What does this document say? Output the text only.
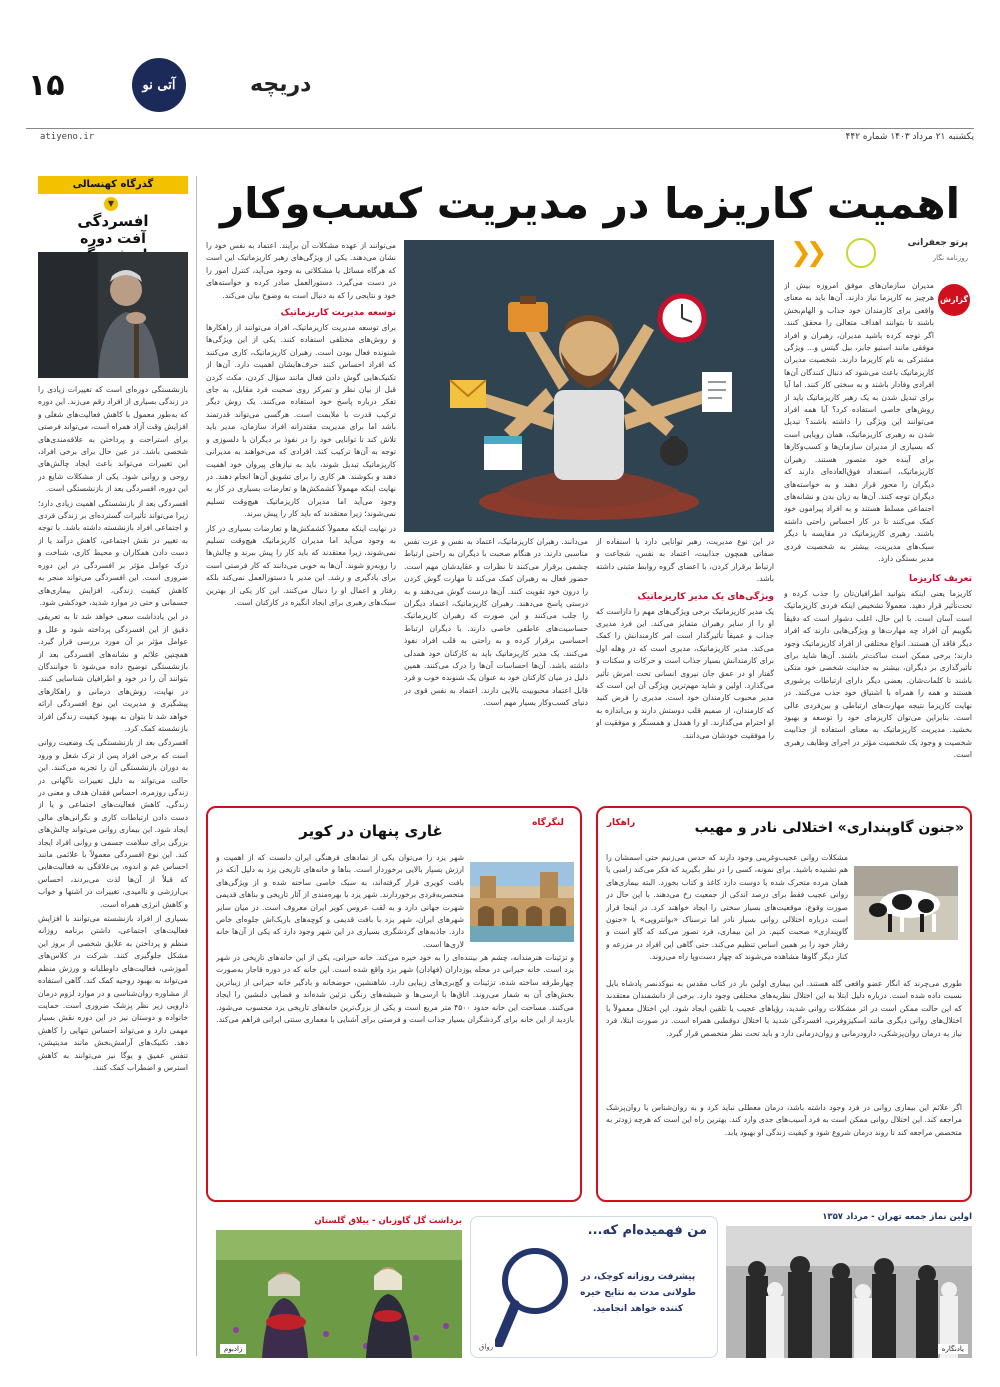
۱۵	دریچه
آتی نو
atiyeno.ir	یکشنبه ۲۱ مرداد ۱۴۰۳ شماره ۴۴۲
گذرگاه کهنسالی
▼
افسردگی
آفت دوره

بازنشستگی دوره‌ای است که تغییرات زیادی را در زندگی بسیاری از افراد رقم می‌زند. این دوره که به‌طور معمول با کاهش فعالیت‌های شغلی و افزایش وقت آزاد همراه است، می‌تواند فرصتی برای استراحت و پرداختن به علاقه‌مندی‌های شخصی باشد. در عین حال برای برخی افراد، این تغییرات می‌تواند باعث ایجاد چالش‌های روحی و روانی شود. یکی از مشکلات شایع در این دوره، افسردگی بعد از بازنشستگی است.

افسردگی بعد از بازنشستگی اهمیت زیادی دارد؛ زیرا می‌تواند تأثیرات گسترده‌ای بر زندگی فردی و اجتماعی افراد بازنشسته داشته باشد. با توجه به تغییر در نقش اجتماعی، کاهش درآمد یا از دست دادن همکاران و محیط کاری، شناخت و درک عوامل مؤثر بر افسردگی در این دوره ضروری است. این افسردگی می‌تواند منجر به کاهش کیفیت زندگی، افزایش بیماری‌های جسمانی و حتی در موارد شدید، خودکشی شود.

در این یادداشت سعی خواهد شد تا به تعریفی دقیق از این افسردگی پرداخته شود و علل و عوامل مؤثر بر آن مورد بررسی قرار گیرد. همچنین علائم و نشانه‌های افسردگی بعد از بازنشستگی توضیح داده می‌شود تا خوانندگان بتوانند آن را در خود و اطرافیان شناسایی کنند. در نهایت، روش‌های درمانی و راهکارهای پیشگیری و مدیریت این نوع افسردگی ارائه خواهد شد تا بتوان به بهبود کیفیت زندگی افراد بازنشسته کمک کرد.

افسردگی بعد از بازنشستگی یک وضعیت روانی است که برخی افراد پس از ترک شغل و ورود به دوران بازنشستگی آن را تجربه می‌کنند. این حالت می‌تواند به دلیل تغییرات ناگهانی در زندگی روزمره، احساس فقدان هدف و معنی در زندگی، کاهش فعالیت‌های اجتماعی و یا از دست دادن ارتباطات کاری و نگرانی‌های مالی ایجاد شود. این بیماری روانی می‌تواند چالش‌های بزرگی برای سلامت جسمی و روانی افراد ایجاد کند. این نوع افسردگی معمولاً با علائمی مانند احساس غم و اندوه، بی‌علاقگی به فعالیت‌هایی که قبلاً از آن‌ها لذت می‌بردند، احساس بی‌ارزشی و ناامیدی، تغییرات در اشتها و خواب و کاهش انرژی همراه است.

بسیاری از افراد بازنشسته می‌توانند با افزایش فعالیت‌های اجتماعی، داشتن برنامه روزانه منظم و پرداختن به علایق شخصی از بروز این مشکل جلوگیری کنند. شرکت در کلاس‌های آموزشی، فعالیت‌های داوطلبانه و ورزش منظم می‌تواند به بهبود روحیه کمک کند. گاهی استفاده از مشاوره روان‌شناسی و در موارد لزوم درمان دارویی زیر نظر پزشک ضروری است. حمایت خانواده و دوستان نیز در این دوره نقش بسیار مهمی دارد و می‌تواند احساس تنهایی را کاهش دهد. تکنیک‌های آرامش‌بخش مانند مدیتیشن، تنفس عمیق و یوگا نیز می‌توانند به کاهش استرس و اضطراب کمک کنند.

اهمیت کاریزما در مدیریت کسب‌وکار
❮❮	پرتو جعفرانی
روزنامه نگار
گزارش

مدیران سازمان‌های موفق امروزه بیش از هرچیز به کاریزما نیاز دارند. آن‌ها باید به معنای واقعی برای کارمندان خود جذاب و الهام‌بخش باشند تا بتوانند اهداف متعالی را محقق کنند. اگر توجه کرده باشید مدیران، رهبران و افراد موفقی مانند استیو جابز، بیل گیتس و... ویژگی مشترکی به نام کاریزما دارند. شخصیت مدیران کاریزماتیک باعث می‌شود که دنبال کنندگان آن‌ها افرادی وفادار باشند و به سختی کار کنند. اما آیا برای تبدیل شدن به یک رهبر کاریزماتیک باید از روش‌های خاصی استفاده کرد؟ آیا همه افراد می‌توانند این ویژگی را داشته باشند؟ تبدیل شدن به رهبری کاریزماتیک، همان رویایی است که بسیاری از مدیران سازمان‌ها و کسب‌وکارها برای آینده خود متصور هستند. رهبران کاریزماتیک، استعداد فوق‌العاده‌ای دارند که دیگران را محور قرار دهند و به خواسته‌های دیگران توجه کنند. آن‌ها به زبان بدن و نشانه‌های اجتماعی مسلط هستند و به افراد پیرامون خود کمک می‌کنند تا در کار احساس راحتی داشته باشند. رهبری کاریزماتیک در مقایسه با دیگر سبک‌های مدیریت، بیشتر به شخصیت فردی مدیر بستگی دارد.

تعریف کاریزما

کاریزما یعنی اینکه بتوانید اطرافیان‌تان را جذب کرده و تحت‌تأثیر قرار دهید. معمولاً تشخیص اینکه فردی کاریزماتیک است آسان است. با این حال، اغلب دشوار است که دقیقاً بگوییم آن افراد چه مهارت‌ها و ویژگی‌هایی دارند که افراد دیگر فاقد آن هستند. انواع مختلفی از افراد کاریزماتیک وجود دارند؛ برخی ممکن است ساکت‌تر باشند. آن‌ها شاید برای تأثیرگذاری بر دیگران، بیشتر به جذابیت شخصی خود متکی باشند تا کلمات‌شان. بعضی دیگر دارای ارتباطات پرشوری هستند و همه را همراه با اشتیاق خود جذب می‌کنند. در نهایت کاریزما نتیجه مهارت‌های ارتباطی و بین‌فردی عالی است. بنابراین می‌توان کاریزمای خود را توسعه و بهبود بخشید. مدیریت کاریزماتیک به معنای استفاده از جذابیت شخصیت و وجود یک شخصیت مؤثر در اجرای وظایف رهبری است.

در این نوع مدیریت، رهبر توانایی دارد با استفاده از صفاتی همچون جذابیت، اعتماد به نفس، شجاعت و ارتباط برقرار کردن، با اعضای گروه روابط مثبتی داشته باشد.

ویژگی‌های یک مدیر کاریزماتیک

یک مدیر کاریزماتیک برخی ویژگی‌های مهم را داراست که او را از سایر رهبران متمایز می‌کند. این فرد مدیری جذاب و عمیقاً تأثیرگذار است امر کارمندانش را کمک می‌کند. مدیر کاریزماتیک، مدیری است که در وهله اول برای کارمندانش بسیار جذاب است و حرکات و سکنات و گفتار او در عمق جان نیروی انسانی تحت امرش تأثیر می‌گذارد. اولین و شاید مهم‌ترین ویژگی آن این است که مدیر محبوب کارمندان خود است. مدیری را فرض کنید که کارمندان، از صمیم قلب دوستش دارند و بی‌اندازه به او احترام می‌گذارند. او را همدل و همسنگر و موفقیت او را موفقیت خودشان می‌دانند.

می‌دانند. رهبران کاریزماتیک، اعتماد به نفس و عزت نفس مناسبی دارند. در هنگام صحبت با دیگران به راحتی ارتباط چشمی برقرار می‌کنند تا نظرات و عقایدشان مهم است. حضور فعال به رهبران کمک می‌کند تا مهارت گوش کردن را درون خود تقویت کنند. آن‌ها درست گوش می‌دهند و به درستی پاسخ می‌دهند. رهبران کاریزماتیک، اعتماد دیگران را جلب می‌کنند و این صورت که رهبران کاریزماتیک حساسیت‌های عاطفی خاصی دارند. با دیگران ارتباط احساسی برقرار کرده و به راحتی به قلب افراد نفوذ می‌کنند. یک مدیر کاریزماتیک باید به کارکنان خود همدلی داشته باشد. آن‌ها احساسات آن‌ها را درک می‌کنند. همین دلیل در میان کارکنان خود به عنوان یک شنونده خوب و فرد قابل اعتماد محبوبیت بالایی دارند. اعتماد به نفس قوی در دنیای کسب‌وکار بسیار مهم است.

می‌توانند از عهده مشکلات آن برآیند. اعتماد به نفس خود را نشان می‌دهند. یکی از ویژگی‌های رهبر کاریزماتیک این است که هرگاه مسائل یا مشکلاتی به وجود می‌آید، کنترل امور را در دست می‌گیرد. دستورالعمل صادر کرده و خواسته‌های خود و نتایجی را که به دنبال است به وضوح بیان می‌کند.

توسعه مدیریت کاریزماتیک

برای توسعه مدیریت کاریزماتیک، افراد می‌توانند از راهکارها و روش‌های مختلفی استفاده کنند. یکی از این ویژگی‌ها شنونده فعال بودن است. رهبران کاریزماتیک، کاری می‌کنند که افراد احساس کنند حرف‌هایشان اهمیت دارد. آن‌ها از تکنیک‌هایی گوش دادن فعال مانند سؤال کردن، مکث کردن قبل از بیان نظر و تمرکز روی صحبت فرد مقابل، به جای تفکر درباره پاسخ خود استفاده می‌کنند. یک روش دیگر ترکیب قدرت با ملایمت است. هرگسی می‌تواند قدرتمند باشد اما برای مدیریت مقتدرانه افراد سازمان، مدیر باید تلاش کند تا توانایی خود را در نفوذ بر دیگران با دلسوزی و توجه به آن‌ها ترکیب کند. افرادی که می‌خواهند به مدیرانی کاریزماتیک تبدیل شوند، باید به نیازهای پیروان خود اهمیت دهند و بکوشند. هر کاری را برای تشویق آن‌ها انجام دهند. در نهایت اینکه مهمولاً کشمکش‌ها و تعارضات بسیاری در کار به وجود می‌آید اما مدیران کاریزماتیک هیچ‌وقت تسلیم نمی‌شوند؛ زیرا معتقدند که باید کار را پیش ببرند.

در نهایت اینکه معمولاً کشمکش‌ها و تعارضات بسیاری در کار به وجود می‌آید اما مدیران کاریزماتیک هیچ‌وقت تسلیم نمی‌شوند، زیرا معتقدند که باید کار را پیش ببرند و چالش‌ها را روبه‌رو شوند. آن‌ها به خوبی می‌دانند که کار فرصتی است برای یادگیری و رشد. این مدیر با دستورالعمل نمی‌کند بلکه رفتار و اعمال او را دنبال می‌کنند. این کار یکی از بهترین سبک‌های رهبری برای ایجاد انگیزه در کارکنان است.

راهکار	«جنون گاوپنداری» اختلالی نادر و مهیب

مشکلات روانی عجیب‌وغریبی وجود دارند که حدس می‌زنیم حتی اسمشان را هم نشنیده باشید. برای نمونه، کسی را در نظر بگیرید که فکر می‌کند زامبی یا همان مرده متحرک شده یا دوست دارد کاغذ و کتاب بخورد. البته بیماری‌های روانی عجیب فقط برای درصد اندکی از جمعیت رخ می‌دهند. با این حال در صورت وقوع، موقعیت‌های بسیار سختی را ایجاد خواهند کرد. در اینجا قرار است درباره اختلالی روانی بسیار نادر اما ترسناک «بوانتروپی» یا «جنون گاوپنداری» صحبت کنیم. در این بیماری، فرد تصور می‌کند که گاو است و رفتار خود را بر همین اساس تنظیم می‌کند. حتی گاهی این افراد در مزرعه و کنار دیگر گاوها مشاهده می‌شوند که چهار دست‌وپا راه می‌روند.

طوری می‌چرند که انگار عضو واقعی گله هستند. این بیماری اولین بار در کتاب مقدس به نبوکدنصر پادشاه بابل نسبت داده شده است. درباره دلیل ابتلا به این اختلال نظریه‌های مختلفی وجود دارد. برخی از دانشمندان معتقدند که این حالت ممکن است در اثر مشکلات روانی شدید، رؤیاهای عجیب یا تلقین ایجاد شود. این اختلال معمولاً با اختلال‌های روانی دیگری مانند اسکیزوفرنی، افسردگی شدید یا اختلال دوقطبی همراه است. در صورت ابتلا، فرد نیاز به درمان روان‌پزشکی، دارودرمانی و روان‌درمانی دارد و باید تحت نظر متخصص قرار گیرد.

اگر علائم این بیماری روانی در فرد وجود داشته باشد، درمان معطلی نباید کرد و به روان‌شناس یا روان‌پزشک مراجعه کند. این اختلال روانی ممکن است به فرد آسیب‌های جدی وارد کند. بهترین راه این است که هرچه زودتر به متخصص مراجعه کند تا روند درمان شروع شود و کیفیت زندگی او بهبود یابد.

لنگرگاه
غاری پنهان در کویر

شهر یزد را می‌توان یکی از نمادهای فرهنگی ایران دانست که از اهمیت و ارزش بسیار بالایی برخوردار است. بناها و خانه‌های تاریخی یزد به دلیل آنکه در بافت کویری قرار گرفته‌اند، به سبک خاصی ساخته شده و از ویژگی‌های منحصربه‌فردی برخوردارند. شهر یزد با بهره‌مندی از آثار تاریخی و بناهای قدیمی شهرت جهانی دارد و به لقب عروس کویر ایران معروف است. در میان سایر شهرهای ایران، شهر یزد با بافت قدیمی و کوچه‌های باریک‌اش جلوه‌ای خاص دارد. جاذبه‌های گردشگری بسیاری در این شهر وجود دارد که یکی از آن‌ها خانه لاری‌ها است.

و تزئینات هنرمندانه، چشم هر بیننده‌ای را به خود خیره می‌کند. خانه حیرانی، یکی از این خانه‌های تاریخی در شهر یزد است. خانه حیرانی در محله یوزداران (فهادان) شهر یزد واقع شده است. این خانه که در دوره قاجار به‌صورت چهارطرفه ساخته شده، تزئینات و گچ‌بری‌های زیبایی دارد. شاهنشین، حوضخانه و بادگیر خانه حیرانی از زیباترین بخش‌های آن به شمار می‌روند. اتاق‌ها با ارسی‌ها و شیشه‌های رنگی تزئین شده‌اند و فضایی دلنشین را ایجاد می‌کنند. مساحت این خانه حدود ۴۵۰۰ متر مربع است و یکی از بزرگ‌ترین خانه‌های تاریخی یزد محسوب می‌شود. بازدید از این خانه برای گردشگران بسیار جذاب است و فرصتی برای آشنایی با معماری سنتی ایرانی فراهم می‌کند.

اولین نماز جمعه تهران - مرداد ۱۳۵۷
یادنگاره
من فهمیده‌ام که...
پیشرفت روزانه کوچک، در طولانی مدت به نتایج خیره کننده خواهد انجامید.
رواق
برداشت گل گاوزبان - ییلاق گلستان
زادبوم
